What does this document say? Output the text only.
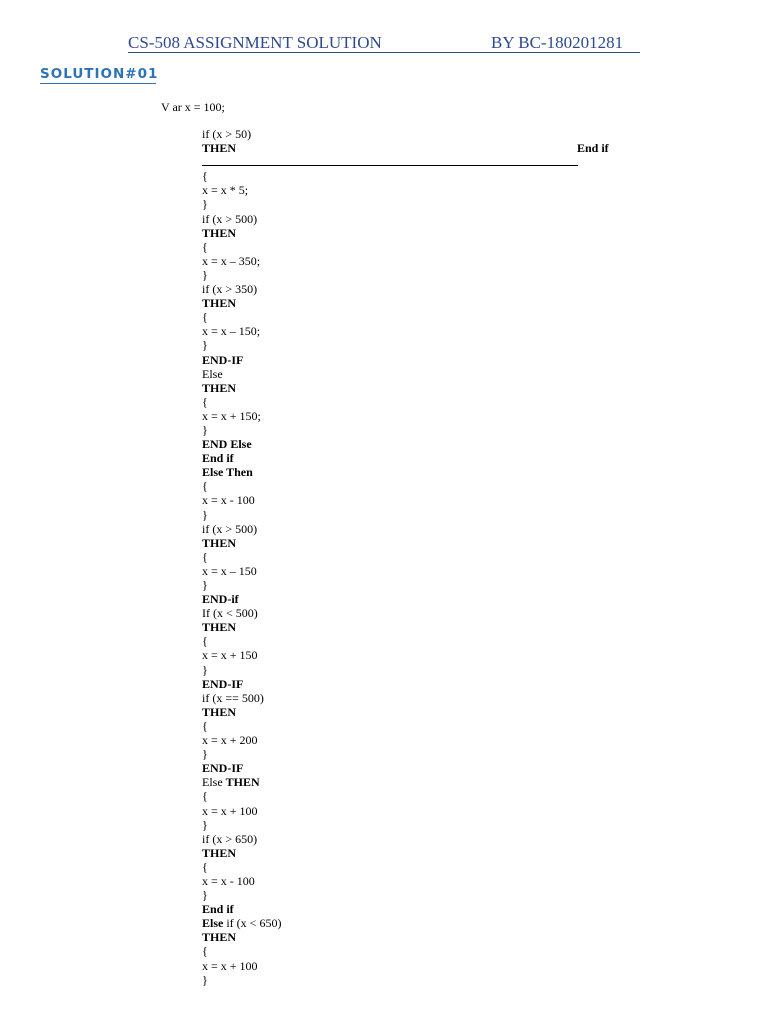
CS-508 ASSIGNMENT SOLUTION	BY BC-180201281
SOLUTION#01
V ar x = 100;
End if
if (x > 50)
THEN
{
x = x * 5;
}
if (x > 500)
THEN
{
x = x – 350;
}
if (x > 350)
THEN
{
x = x – 150;
}
END-IF
Else
THEN
{
x = x + 150;
}
END Else
End if
Else Then
{
x = x - 100
}
if (x > 500)
THEN
{
x = x – 150
}
END-if
If (x < 500)
THEN
{
x = x + 150
}
END-IF
if (x == 500)
THEN
{
x = x + 200
}
END-IF
Else THEN
{
x = x + 100
}
if (x > 650)
THEN
{
x = x - 100
}
End if
Else if (x < 650)
THEN
{
x = x + 100
}
